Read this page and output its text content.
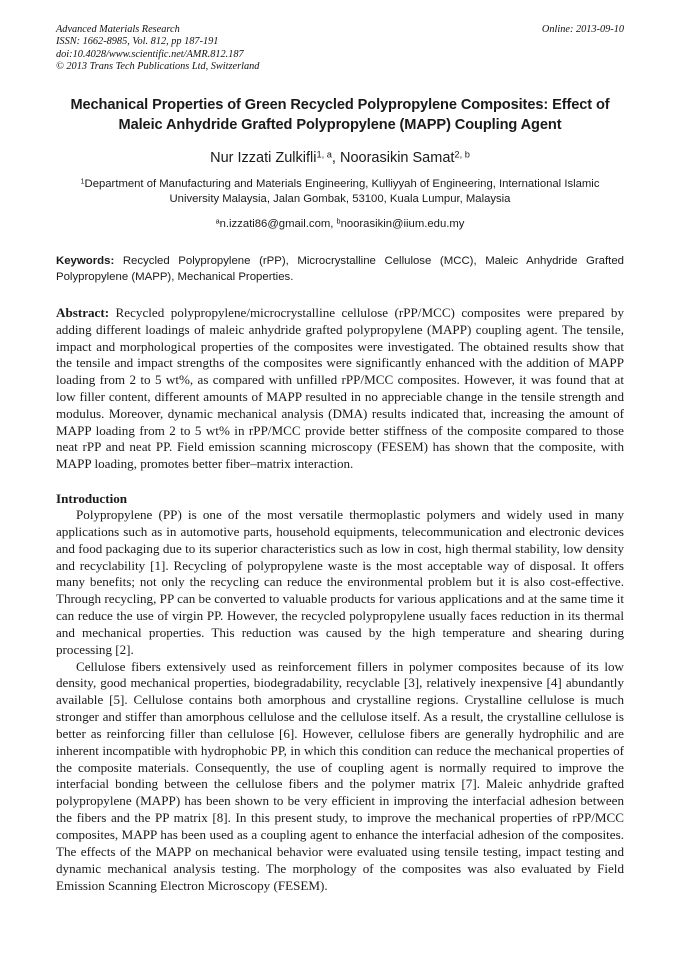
Online: 2013-09-10
Advanced Materials Research
ISSN: 1662-8985, Vol. 812, pp 187-191
doi:10.4028/www.scientific.net/AMR.812.187
© 2013 Trans Tech Publications Ltd, Switzerland
Mechanical Properties of Green Recycled Polypropylene Composites: Effect of Maleic Anhydride Grafted Polypropylene (MAPP) Coupling Agent
Nur Izzati Zulkifli$^{1, a}$, Noorasikin Samat$^{2, b}$
$^1$Department of Manufacturing and Materials Engineering, Kulliyyah of Engineering, International Islamic University Malaysia, Jalan Gombak, 53100, Kuala Lumpur, Malaysia
$^a$n.izzati86@gmail.com, $^b$noorasikin@iium.edu.my
Keywords: Recycled Polypropylene (rPP), Microcrystalline Cellulose (MCC), Maleic Anhydride Grafted Polypropylene (MAPP), Mechanical Properties.
Abstract: Recycled polypropylene/microcrystalline cellulose (rPP/MCC) composites were prepared by adding different loadings of maleic anhydride grafted polypropylene (MAPP) coupling agent. The tensile, impact and morphological properties of the composites were investigated. The obtained results show that the tensile and impact strengths of the composites were significantly enhanced with the addition of MAPP loading from 2 to 5 wt%, as compared with unfilled rPP/MCC composites. However, it was found that at low filler content, different amounts of MAPP resulted in no appreciable change in the tensile strength and modulus. Moreover, dynamic mechanical analysis (DMA) results indicated that, increasing the amount of MAPP loading from 2 to 5 wt% in rPP/MCC provide better stiffness of the composite compared to those neat rPP and neat PP. Field emission scanning microscopy (FESEM) has shown that the composite, with MAPP loading, promotes better fiber–matrix interaction.
Introduction

Polypropylene (PP) is one of the most versatile thermoplastic polymers and widely used in many applications such as in automotive parts, household equipments, telecommunication and electronic devices and food packaging due to its superior characteristics such as low in cost, high thermal stability, low density and recyclability [1]. Recycling of polypropylene waste is the most acceptable way of disposal. It offers many benefits; not only the recycling can reduce the environmental problem but it is also cost-effective. Through recycling, PP can be converted to valuable products for various applications and at the same time it can reduce the use of virgin PP. However, the recycled polypropylene usually faces reduction in its thermal and mechanical properties. This reduction was caused by the high temperature and shearing during processing [2].

Cellulose fibers extensively used as reinforcement fillers in polymer composites because of its low density, good mechanical properties, biodegradability, recyclable [3], relatively inexpensive [4] abundantly available [5]. Cellulose contains both amorphous and crystalline regions. Crystalline cellulose is much stronger and stiffer than amorphous cellulose and the cellulose itself. As a result, the crystalline cellulose is better as reinforcing filler than cellulose [6]. However, cellulose fibers are generally hydrophilic and are inherent incompatible with hydrophobic PP, in which this condition can reduce the mechanical properties of the composite materials. Consequently, the use of coupling agent is normally required to improve the interfacial bonding between the cellulose fibers and the polymer matrix [7]. Maleic anhydride grafted polypropylene (MAPP) has been shown to be very efficient in improving the interfacial adhesion between the fibers and the PP matrix [8]. In this present study, to improve the mechanical properties of rPP/MCC composites, MAPP has been used as a coupling agent to enhance the interfacial adhesion of the composites. The effects of the MAPP on mechanical behavior were evaluated using tensile testing, impact testing and dynamic mechanical analysis testing. The morphology of the composites was also evaluated by Field Emission Scanning Electron Microscopy (FESEM).
